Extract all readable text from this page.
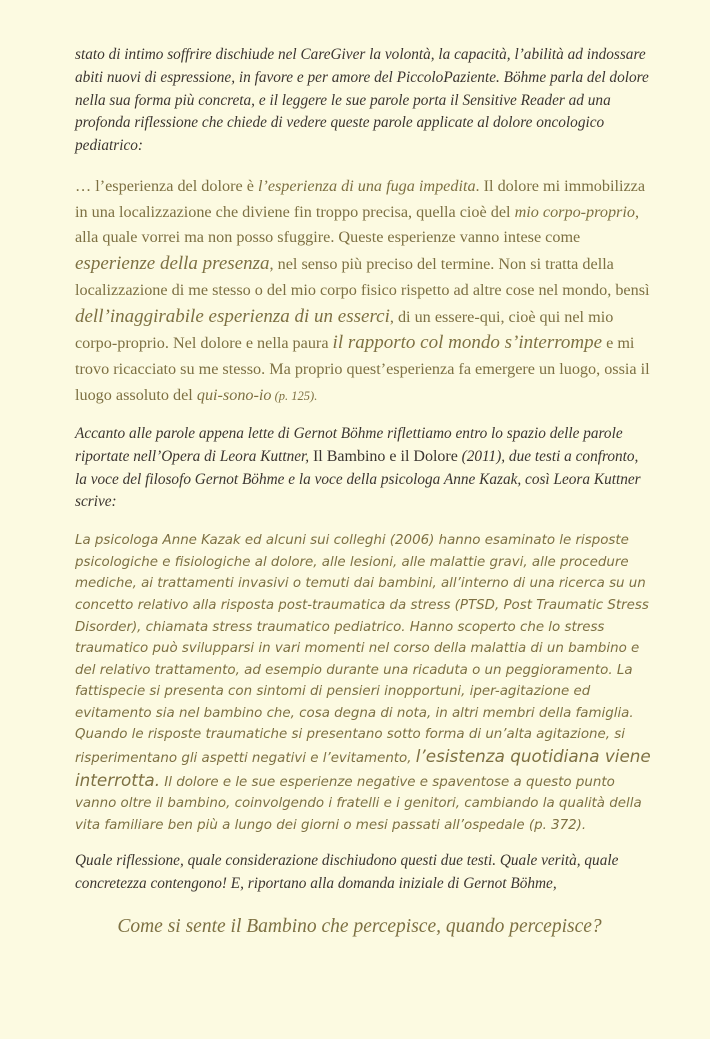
stato di intimo soffrire dischiude nel CareGiver la volontà, la capacità, l’abilità ad indossare abiti nuovi di espressione, in favore e per amore del PiccoloPaziente. Böhme parla del dolore nella sua forma più concreta, e il leggere le sue parole porta il Sensitive Reader ad una profonda riflessione che chiede di vedere queste parole applicate al dolore oncologico pediatrico:

… l’esperienza del dolore è l’esperienza di una fuga impedita. Il dolore mi immobilizza in una localizzazione che diviene fin troppo precisa, quella cioè del mio corpo-proprio, alla quale vorrei ma non posso sfuggire. Queste esperienze vanno intese come esperienze della presenza, nel senso più preciso del termine. Non si tratta della localizzazione di me stesso o del mio corpo fisico rispetto ad altre cose nel mondo, bensì dell’inaggirabile esperienza di un esserci, di un essere-qui, cioè qui nel mio corpo-proprio. Nel dolore e nella paura il rapporto col mondo s’interrompe e mi trovo ricacciato su me stesso. Ma proprio quest’esperienza fa emergere un luogo, ossia il luogo assoluto del qui-sono-io (p. 125).

Accanto alle parole appena lette di Gernot Böhme riflettiamo entro lo spazio delle parole riportate nell’Opera di Leora Kuttner, Il Bambino e il Dolore (2011), due testi a confronto, la voce del filosofo Gernot Böhme e la voce della psicologa Anne Kazak, così Leora Kuttner scrive:

La psicologa Anne Kazak ed alcuni sui colleghi (2006) hanno esaminato le risposte psicologiche e fisiologiche al dolore, alle lesioni, alle malattie gravi, alle procedure mediche, ai trattamenti invasivi o temuti dai bambini, all’interno di una ricerca su un concetto relativo alla risposta post-traumatica da stress (PTSD, Post Traumatic Stress Disorder), chiamata stress traumatico pediatrico. Hanno scoperto che lo stress traumatico può svilupparsi in vari momenti nel corso della malattia di un bambino e del relativo trattamento, ad esempio durante una ricaduta o un peggioramento. La fattispecie si presenta con sintomi di pensieri inopportuni, iper-agitazione ed evitamento sia nel bambino che, cosa degna di nota, in altri membri della famiglia. Quando le risposte traumatiche si presentano sotto forma di un’alta agitazione, si risperimentano gli aspetti negativi e l’evitamento, l’esistenza quotidiana viene interrotta. Il dolore e le sue esperienze negative e spaventose a questo punto vanno oltre il bambino, coinvolgendo i fratelli e i genitori, cambiando la qualità della vita familiare ben più a lungo dei giorni o mesi passati all’ospedale (p. 372).

Quale riflessione, quale considerazione dischiudono questi due testi. Quale verità, quale concretezza contengono! E, riportano alla domanda iniziale di Gernot Böhme,

Come si sente il Bambino che percepisce, quando percepisce?
